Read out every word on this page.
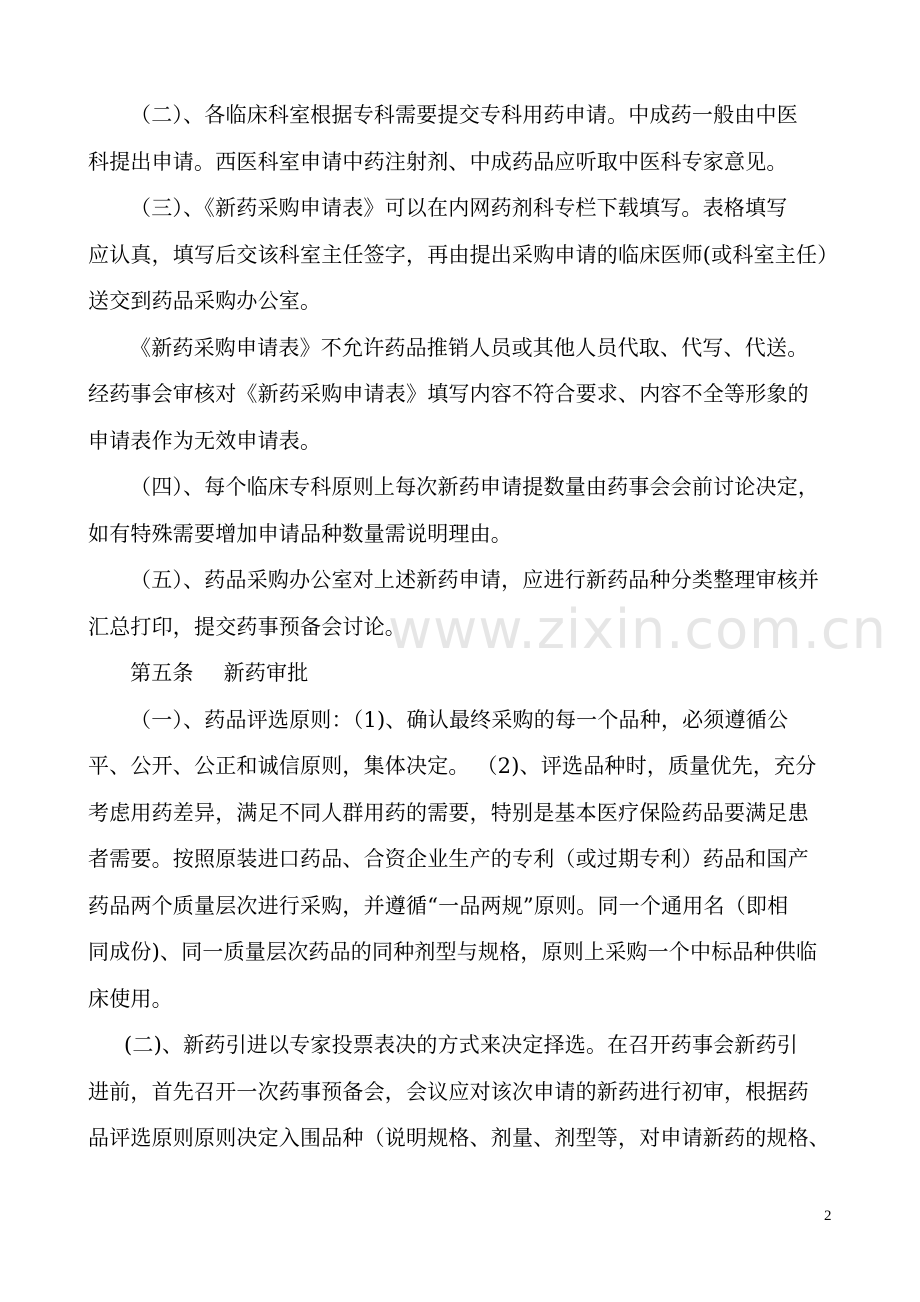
www.zixin.com.cn

（二）、各临床科室根据专科需要提交专科用药申请。中成药一般由中医
科提出申请。西医科室申请中药注射剂、中成药品应听取中医科专家意见。

（三）、《新药采购申请表》可以在内网药剂科专栏下载填写。表格填写
应认真，填写后交该科室主任签字，再由提出采购申请的临床医师(或科室主任）
送交到药品采购办公室。

《新药采购申请表》不允许药品推销人员或其他人员代取、代写、代送。
经药事会审核对《新药采购申请表》填写内容不符合要求、内容不全等形象的
申请表作为无效申请表。

（四）、每个临床专科原则上每次新药申请提数量由药事会会前讨论决定，
如有特殊需要增加申请品种数量需说明理由。

（五）、药品采购办公室对上述新药申请，应进行新药品种分类整理审核并
汇总打印，提交药事预备会讨论。

第五条 新药审批

（一）、药品评选原则：（1)、确认最终采购的每一个品种，必须遵循公
平、公开、公正和诚信原则，集体决定。 （2)、评选品种时，质量优先，充分
考虑用药差异，满足不同人群用药的需要，特别是基本医疗保险药品要满足患
者需要。按照原装进口药品、合资企业生产的专利（或过期专利）药品和国产
药品两个质量层次进行采购，并遵循“一品两规”原则。同一个通用名（即相
同成份)、同一质量层次药品的同种剂型与规格，原则上采购一个中标品种供临
床使用。

(二)、新药引进以专家投票表决的方式来决定择选。在召开药事会新药引
进前，首先召开一次药事预备会，会议应对该次申请的新药进行初审，根据药
品评选原则原则决定入围品种（说明规格、剂量、剂型等，对申请新药的规格、

2
